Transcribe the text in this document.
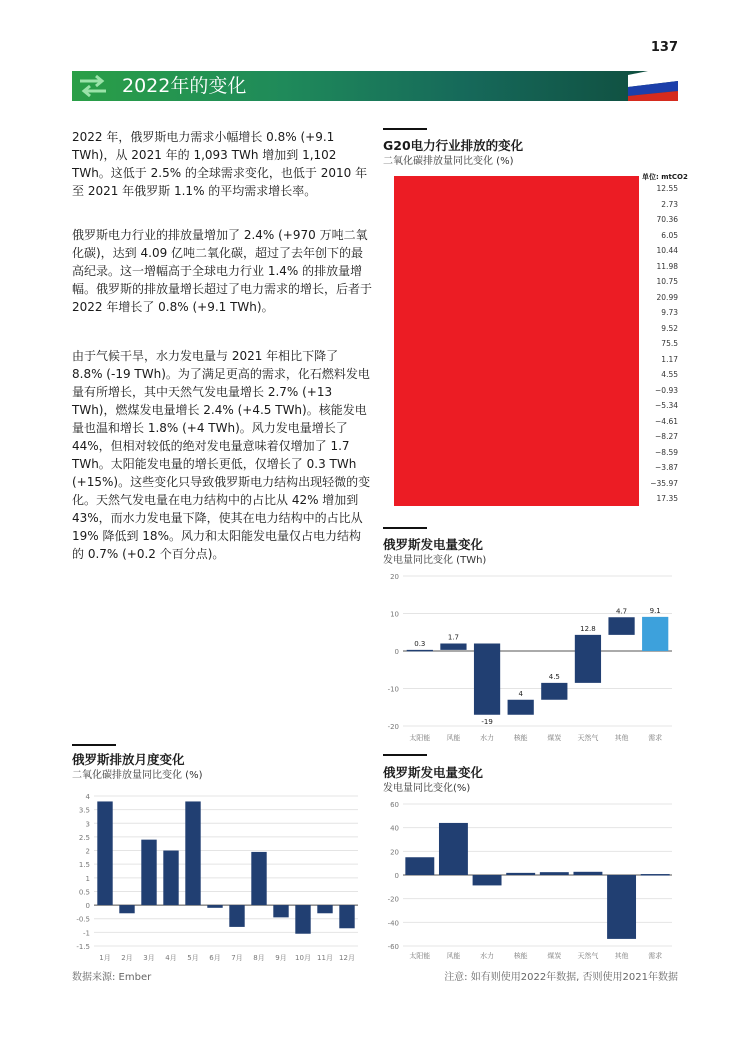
137
2022年的变化
2022 年，俄罗斯电力需求小幅增长 0.8% (+9.1 TWh)，从 2021 年的 1,093 TWh 增加到 1,102 TWh。这低于 2.5% 的全球需求变化，也低于 2010 年至 2021 年俄罗斯 1.1% 的平均需求增长率。
俄罗斯电力行业的排放量增加了 2.4% (+970 万吨二氧化碳)，达到 4.09 亿吨二氧化碳，超过了去年创下的最高纪录。这一增幅高于全球电力行业 1.4% 的排放量增幅。俄罗斯的排放量增长超过了电力需求的增长，后者于 2022 年增长了 0.8% (+9.1 TWh)。
由于气候干旱，水力发电量与 2021 年相比下降了 8.8% (-19 TWh)。为了满足更高的需求，化石燃料发电量有所增长，其中天然气发电量增长 2.7% (+13 TWh)，燃煤发电量增长 2.4% (+4.5 TWh)。核能发电量也温和增长 1.8% (+4 TWh)。风力发电量增长了 44%，但相对较低的绝对发电量意味着仅增加了 1.7 TWh。太阳能发电量的增长更低，仅增长了 0.3 TWh (+15%)。这些变化只导致俄罗斯电力结构出现轻微的变化。天然气发电量在电力结构中的占比从 42% 增加到 43%，而水力发电量下降，使其在电力结构中的占比从 19% 降低到 18%。风力和太阳能发电量仅占电力结构的 0.7% (+0.2 个百分点)。
G20电力行业排放的变化
二氧化碳排放量同比变化 (%)
单位: mtCO2
12.55
2.73
70.36
6.05
10.44
11.98
10.75
20.99
9.73
9.52
75.5
1.17
4.55
−0.93
−5.34
−4.61
−8.27
−8.59
−3.87
−35.97
17.35
俄罗斯发电量变化
发电量同比变化 (TWh)
20
10
0
-10
-20
0.3
太阳能
1.7
风能
-19
水力
4
核能
4.5
煤炭
12.8
天然气
4.7
其他
9.1
需求
俄罗斯排放月度变化
二氧化碳排放量同比变化 (%)
4
3.5
3
2.5
2
1.5
1
0.5
0
-0.5
-1
-1.5
1月 2月 3月 4月 5月 6月 7月 8月 9月 10月 11月 12月
俄罗斯发电量变化
发电量同比变化(%)
60
40
20
0
-20
-40
-60
太阳能 风能	水力	核能	煤炭 天然气 其他	需求
数据来源: Ember	注意: 如有则使用2022年数据, 否则使用2021年数据
